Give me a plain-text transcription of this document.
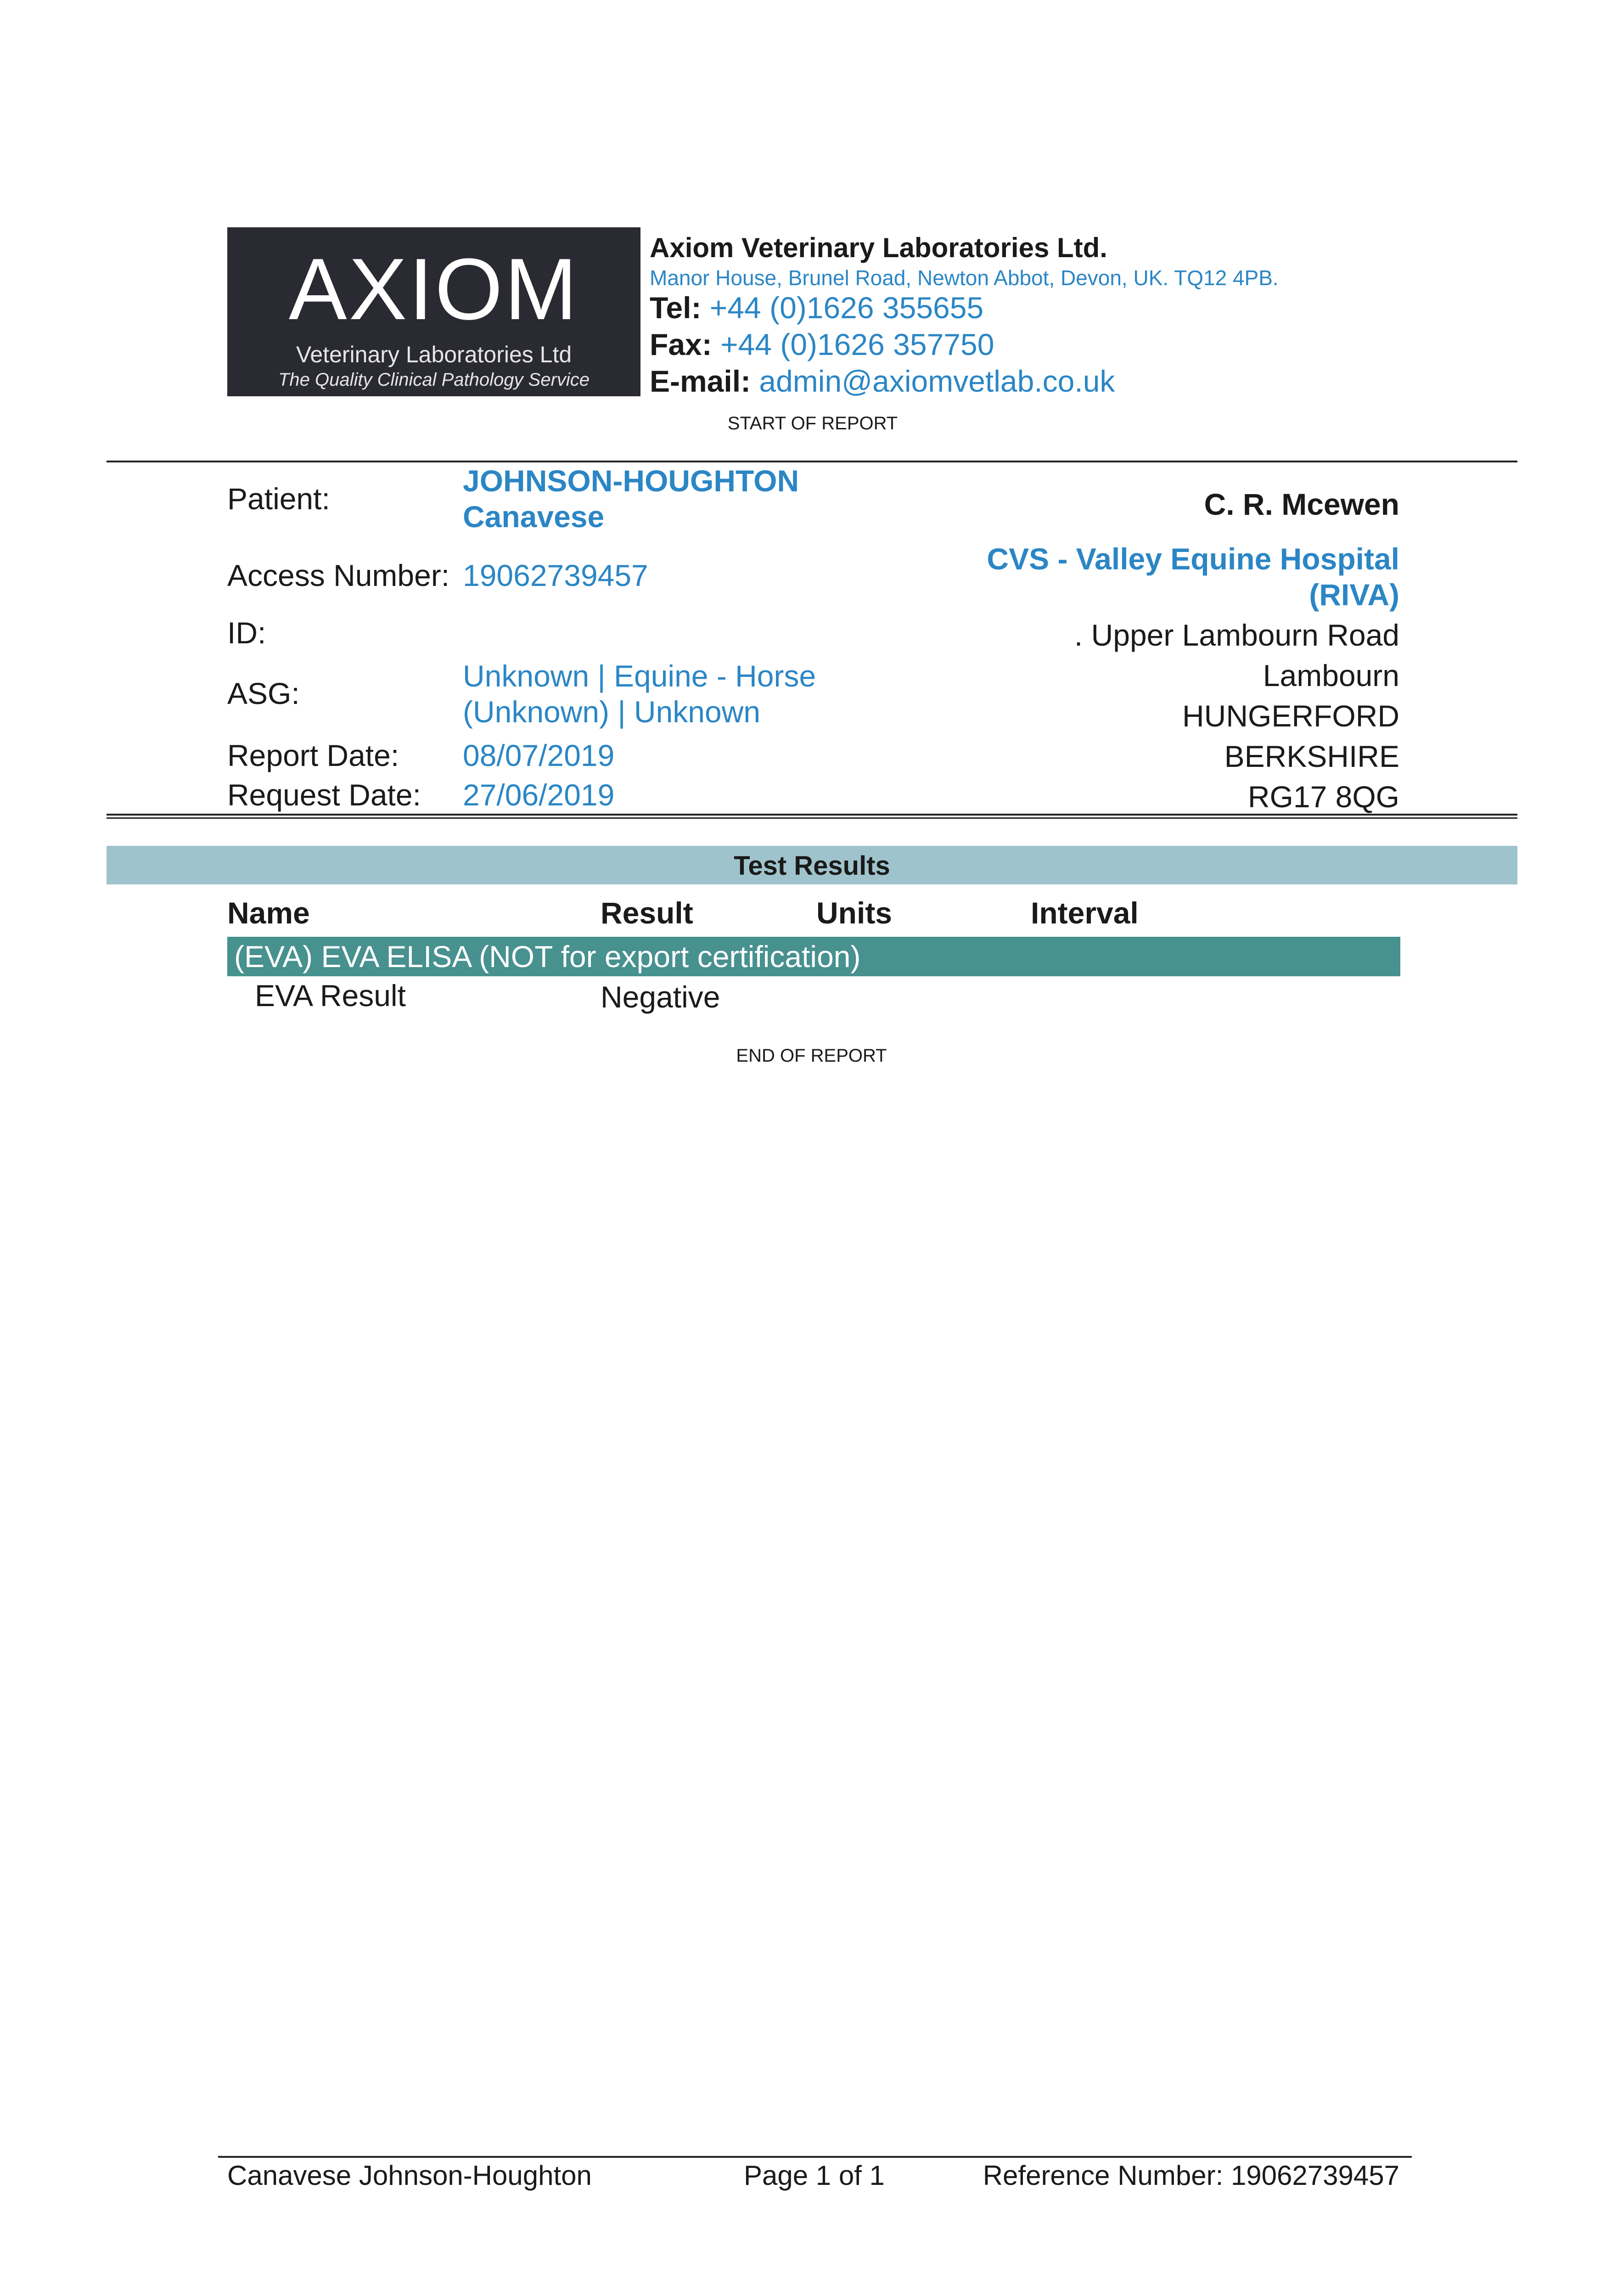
AXIOM
Veterinary Laboratories Ltd
The Quality Clinical Pathology Service
Axiom Veterinary Laboratories Ltd.
Manor House, Brunel Road, Newton Abbot, Devon, UK. TQ12 4PB.
Tel: +44 (0)1626 355655
Fax: +44 (0)1626 357750
E-mail: admin@axiomvetlab.co.uk
START OF REPORT
Patient:
JOHNSON-HOUGHTON
Canavese
Access Number: 19062739457
ID:
ASG:
Unknown | Equine - Horse
(Unknown) | Unknown
Report Date: 08/07/2019
Request Date: 27/06/2019
C. R. Mcewen
CVS - Valley Equine Hospital
(RIVA)
. Upper Lambourn Road
Lambourn
HUNGERFORD
BERKSHIRE
RG17 8QG
Test Results
Name	Result	Units	Interval
(EVA) EVA ELISA (NOT for export certification)
EVA Result	Negative
END OF REPORT
Canavese Johnson-Houghton	Page 1 of 1	Reference Number: 19062739457
